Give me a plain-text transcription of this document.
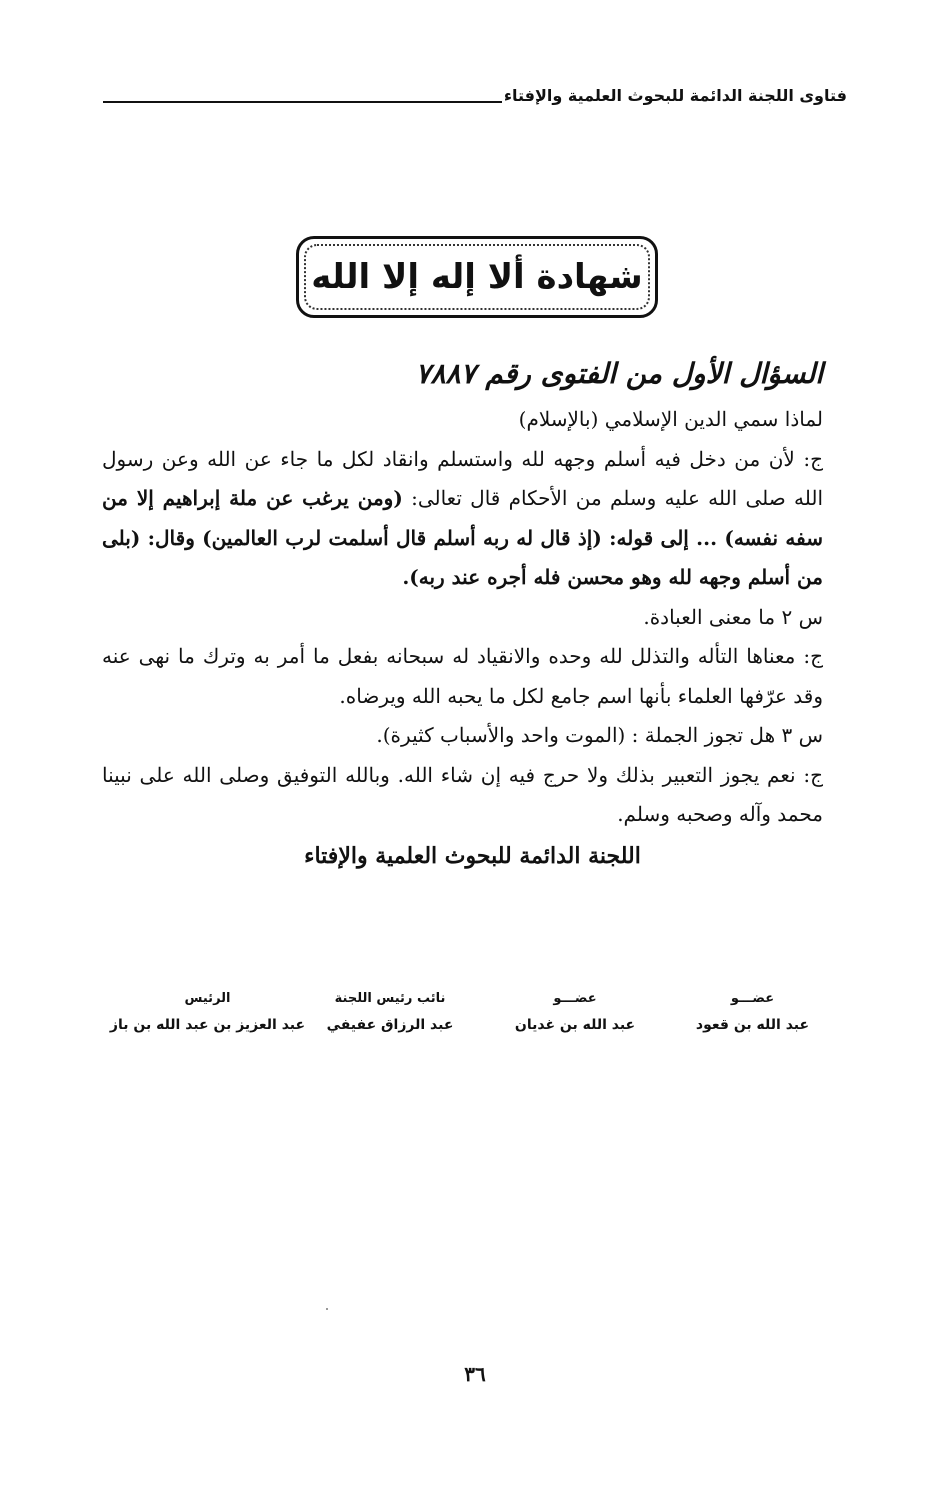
فتاوى اللجنة الدائمة للبحوث العلمية والإفتاء
شهادة ألا إله إلا الله

السؤال الأول من الفتوى رقم ٧٨٨٧

لماذا سمي الدين الإسلامي (بالإسلام)

ج: لأن من دخل فيه أسلم وجهه لله واستسلم وانقاد لكل ما جاء عن الله وعن رسول الله صلى الله عليه وسلم من الأحكام قال تعالى: (ومن يرغب عن ملة إبراهيم إلا من سفه نفسه) ... إلى قوله: (إذ قال له ربه أسلم قال أسلمت لرب العالمين) وقال: (بلى من أسلم وجهه لله وهو محسن فله أجره عند ربه).

س ٢ ما معنى العبادة.

ج: معناها التأله والتذلل لله وحده والانقياد له سبحانه بفعل ما أمر به وترك ما نهى عنه وقد عرّفها العلماء بأنها اسم جامع لكل ما يحبه الله ويرضاه.

س ٣ هل تجوز الجملة : (الموت واحد والأسباب كثيرة).

ج: نعم يجوز التعبير بذلك ولا حرج فيه إن شاء الله. وبالله التوفيق وصلى الله على نبينا محمد وآله وصحبه وسلم.

اللجنة الدائمة للبحوث العلمية والإفتاء

عضـــو
عبد الله بن قعود
عضـــو
عبد الله بن غديان
نائب رئيس اللجنة
عبد الرزاق عفيفي
الرئيس
عبد العزيز بن عبد الله بن باز
٣٦
